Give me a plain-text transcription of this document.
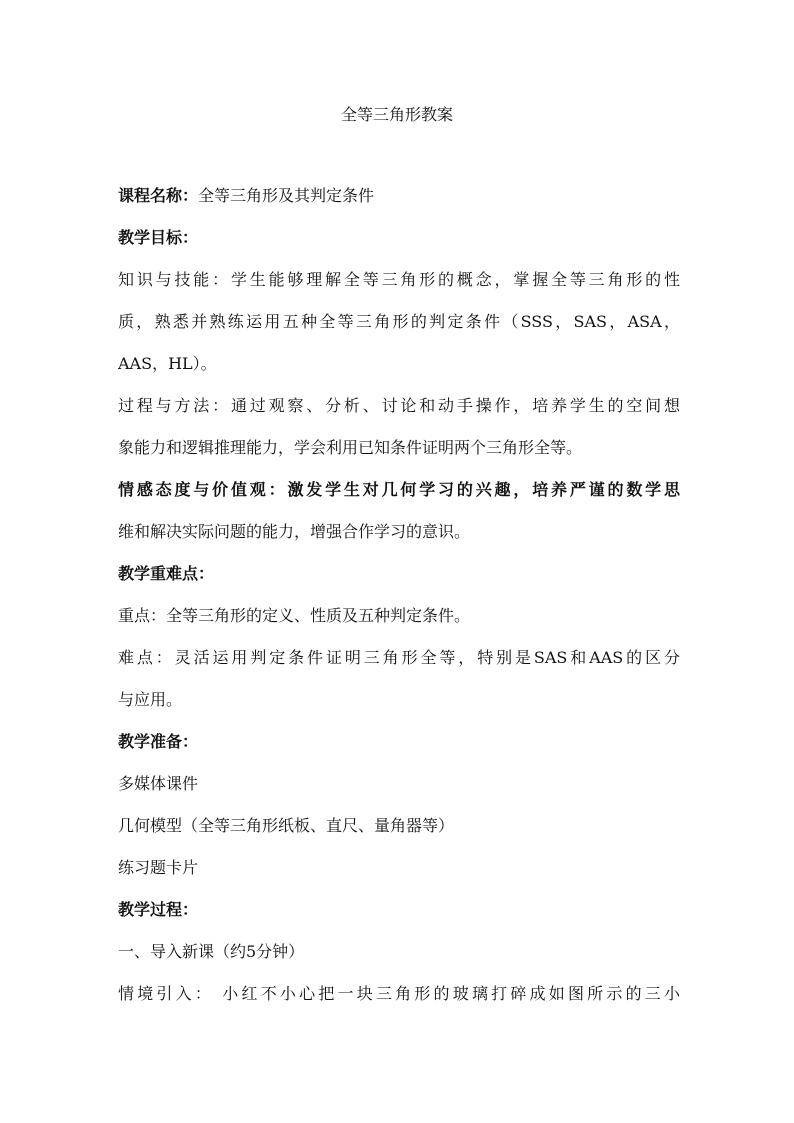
全等三角形教案
课程名称：全等三角形及其判定条件
教学目标：
知识与技能：学生能够理解全等三角形的概念，掌握全等三角形的性
质，熟悉并熟练运用五种全等三角形的判定条件（SSS，SAS，ASA，
AAS，HL）。
过程与方法：通过观察、分析、讨论和动手操作，培养学生的空间想
象能力和逻辑推理能力，学会利用已知条件证明两个三角形全等。
情感态度与价值观：激发学生对几何学习的兴趣，培养严谨的数学思
维和解决实际问题的能力，增强合作学习的意识。
教学重难点：
重点：全等三角形的定义、性质及五种判定条件。
难点：灵活运用判定条件证明三角形全等，特别是SAS和AAS的区分
与应用。
教学准备：
多媒体课件
几何模型（全等三角形纸板、直尺、量角器等）
练习题卡片
教学过程：
一、导入新课（约5分钟）
情境引入： 小红不小心把一块三角形的玻璃打碎成如图所示的三小
